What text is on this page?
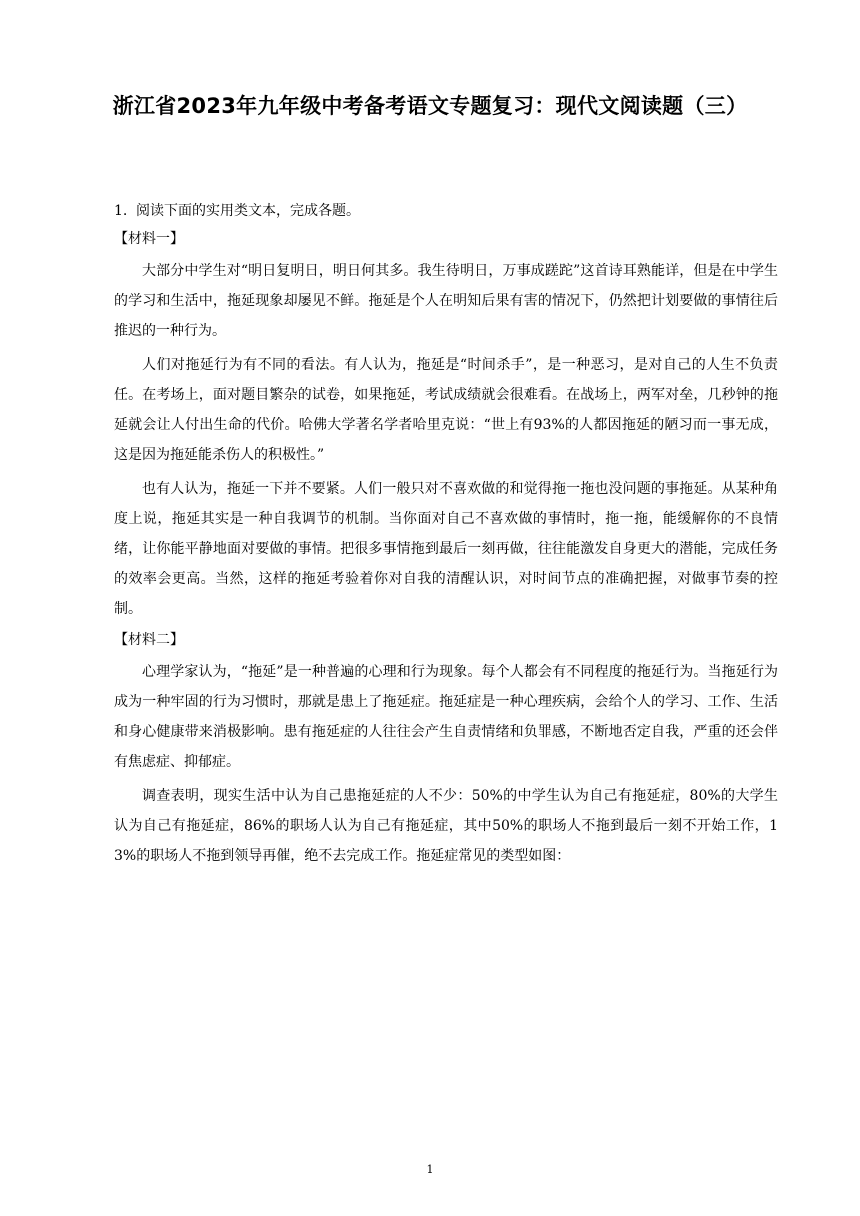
浙江省2023年九年级中考备考语文专题复习：现代文阅读题（三）
1. 阅读下面的实用类文本，完成各题。
【材料一】

大部分中学生对“明日复明日，明日何其多。我生待明日，万事成蹉跎”这首诗耳熟能详，但是在中学生的学习和生活中，拖延现象却屡见不鲜。拖延是个人在明知后果有害的情况下，仍然把计划要做的事情往后推迟的一种行为。

人们对拖延行为有不同的看法。有人认为，拖延是“时间杀手”，是一种恶习，是对自己的人生不负责任。在考场上，面对题目繁杂的试卷，如果拖延，考试成绩就会很难看。在战场上，两军对垒，几秒钟的拖延就会让人付出生命的代价。哈佛大学著名学者哈里克说：“世上有93%的人都因拖延的陋习而一事无成，这是因为拖延能杀伤人的积极性。”

也有人认为，拖延一下并不要紧。人们一般只对不喜欢做的和觉得拖一拖也没问题的事拖延。从某种角度上说，拖延其实是一种自我调节的机制。当你面对自己不喜欢做的事情时，拖一拖，能缓解你的不良情绪，让你能平静地面对要做的事情。把很多事情拖到最后一刻再做，往往能激发自身更大的潜能，完成任务的效率会更高。当然，这样的拖延考验着你对自我的清醒认识，对时间节点的准确把握，对做事节奏的控制。

【材料二】

心理学家认为，“拖延”是一种普遍的心理和行为现象。每个人都会有不同程度的拖延行为。当拖延行为成为一种牢固的行为习惯时，那就是患上了拖延症。拖延症是一种心理疾病，会给个人的学习、工作、生活和身心健康带来消极影响。患有拖延症的人往往会产生自责情绪和负罪感，不断地否定自我，严重的还会伴有焦虑症、抑郁症。

调查表明，现实生活中认为自己患拖延症的人不少：50%的中学生认为自己有拖延症，80%的大学生认为自己有拖延症，86%的职场人认为自己有拖延症，其中50%的职场人不拖到最后一刻不开始工作，13%的职场人不拖到领导再催，绝不去完成工作。拖延症常见的类型如图：

1
